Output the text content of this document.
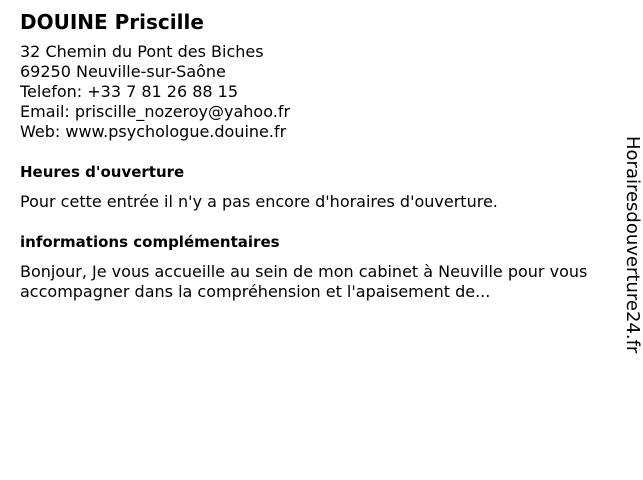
DOUINE Priscille
32 Chemin du Pont des Biches
69250 Neuville-sur-Saône
Telefon: +33 7 81 26 88 15
Email: priscille_nozeroy@yahoo.fr
Web: www.psychologue.douine.fr
Heures d'ouverture
Pour cette entrée il n'y a pas encore d'horaires d'ouverture.
informations complémentaires
Bonjour, Je vous accueille au sein de mon cabinet à Neuville pour vous accompagner dans la compréhension et l'apaisement de...	Horairesdouverture24.fr
